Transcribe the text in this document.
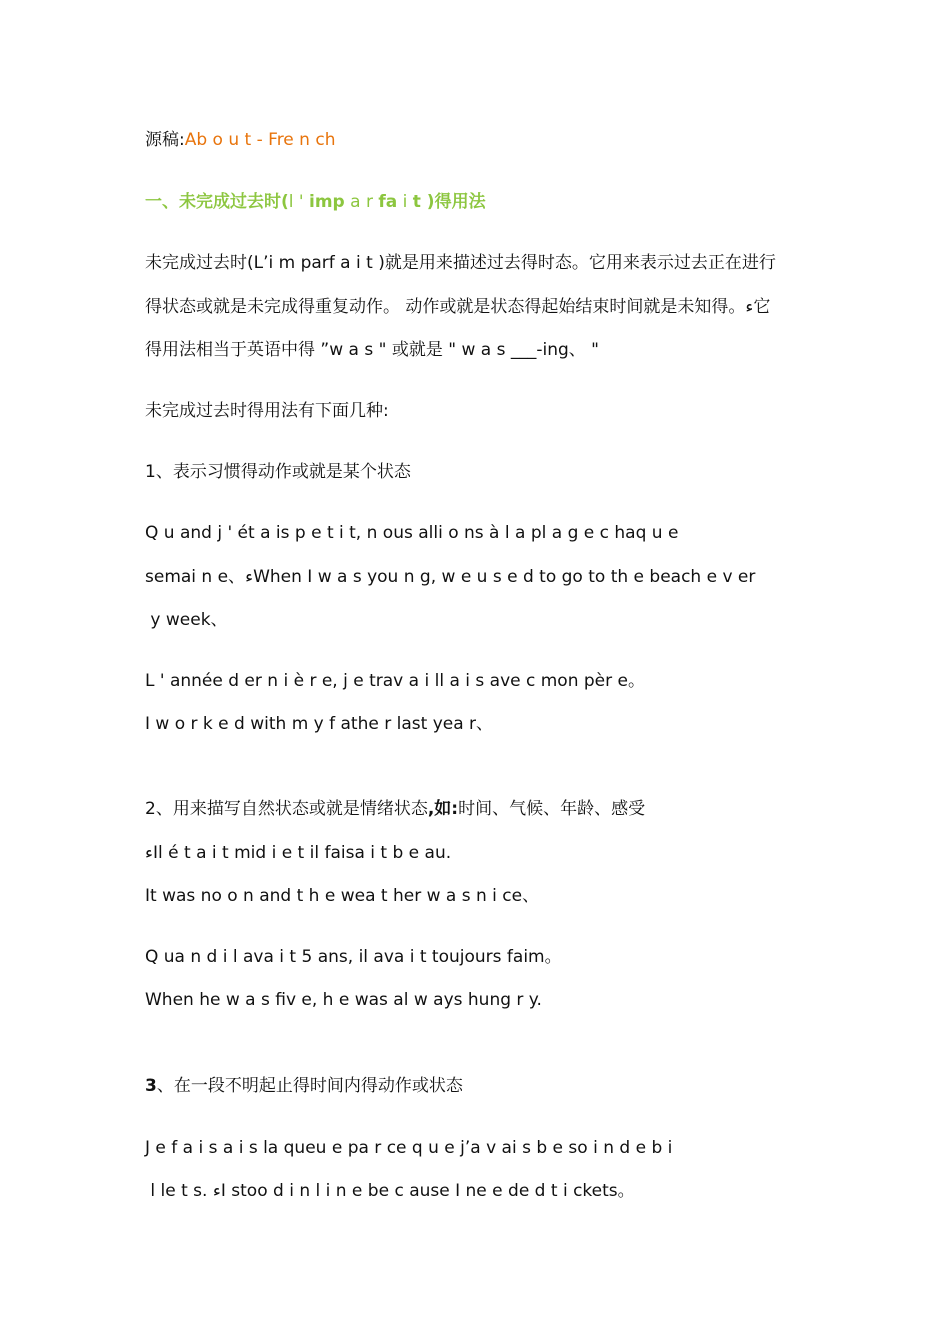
源稿:Ab o u t - Fre n ch
一、未完成过去时(l ' imp a r fa i t )得用法
未完成过去时(L’i m parf a i t )就是用来描述过去得时态。它用来表示过去正在进行
得状态或就是未完成得重复动作。 动作或就是状态得起始结束时间就是未知得。ء它
得用法相当于英语中得 ”w a s " 或就是 " w a s ___-ing、 "
未完成过去时得用法有下面几种:
1、表示习惯得动作或就是某个状态
Q u and j ' ét a is p e t i t, n ous alli o ns à l a pl a g e c haq u e
semai n e、ءWhen I w a s you n g, w e u s e d to go to th e beach e v er
y week、
L ' année d er n i è r e, j e trav a i ll a i s ave c mon pèr e。
I w o r k e d with m y f athe r last yea r、
2、用来描写自然状态或就是情绪状态,如:时间、气候、年龄、感受
ءIl é t a i t mid i e t il faisa i t b e au.
It was no o n and t h e wea t her w a s n i ce、
Q ua n d i l ava i t 5 ans, il ava i t toujours faim。
When he w a s fiv e, h e was al w ays hung r y.
3、在一段不明起止得时间内得动作或状态
J e f a i s a i s la queu e pa r ce q u e j’a v ai s b e so i n d e b i
l le t s. ءI stoo d i n l i n e be c ause I ne e de d t i ckets。
